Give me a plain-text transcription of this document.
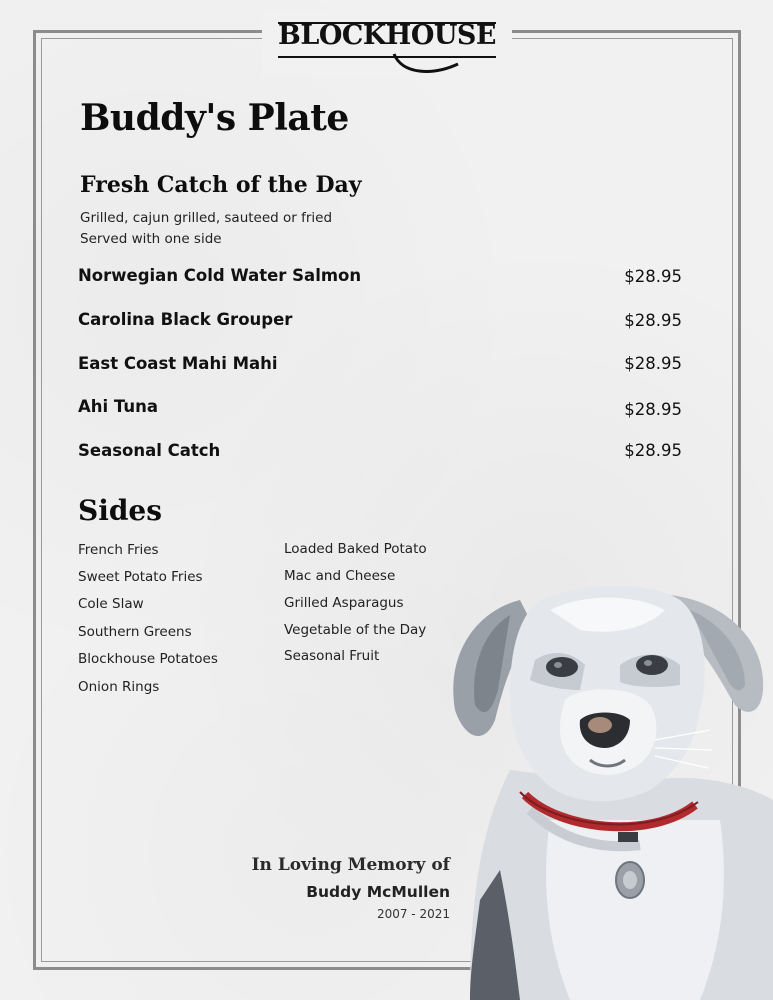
BLOCKHOUSE
Buddy's Plate
Fresh Catch of the Day
Grilled, cajun grilled, sauteed or fried
Served with one side
Norwegian Cold Water Salmon	$28.95
Carolina Black Grouper	$28.95
East Coast Mahi Mahi	$28.95
Ahi Tuna	$28.95
Seasonal Catch	$28.95
Sides
French Fries
Sweet Potato Fries
Cole Slaw
Southern Greens
Blockhouse Potatoes
Onion Rings
Loaded Baked Potato
Mac and Cheese
Grilled Asparagus
Vegetable of the Day
Seasonal Fruit
In Loving Memory of
Buddy McMullen
2007 - 2021
